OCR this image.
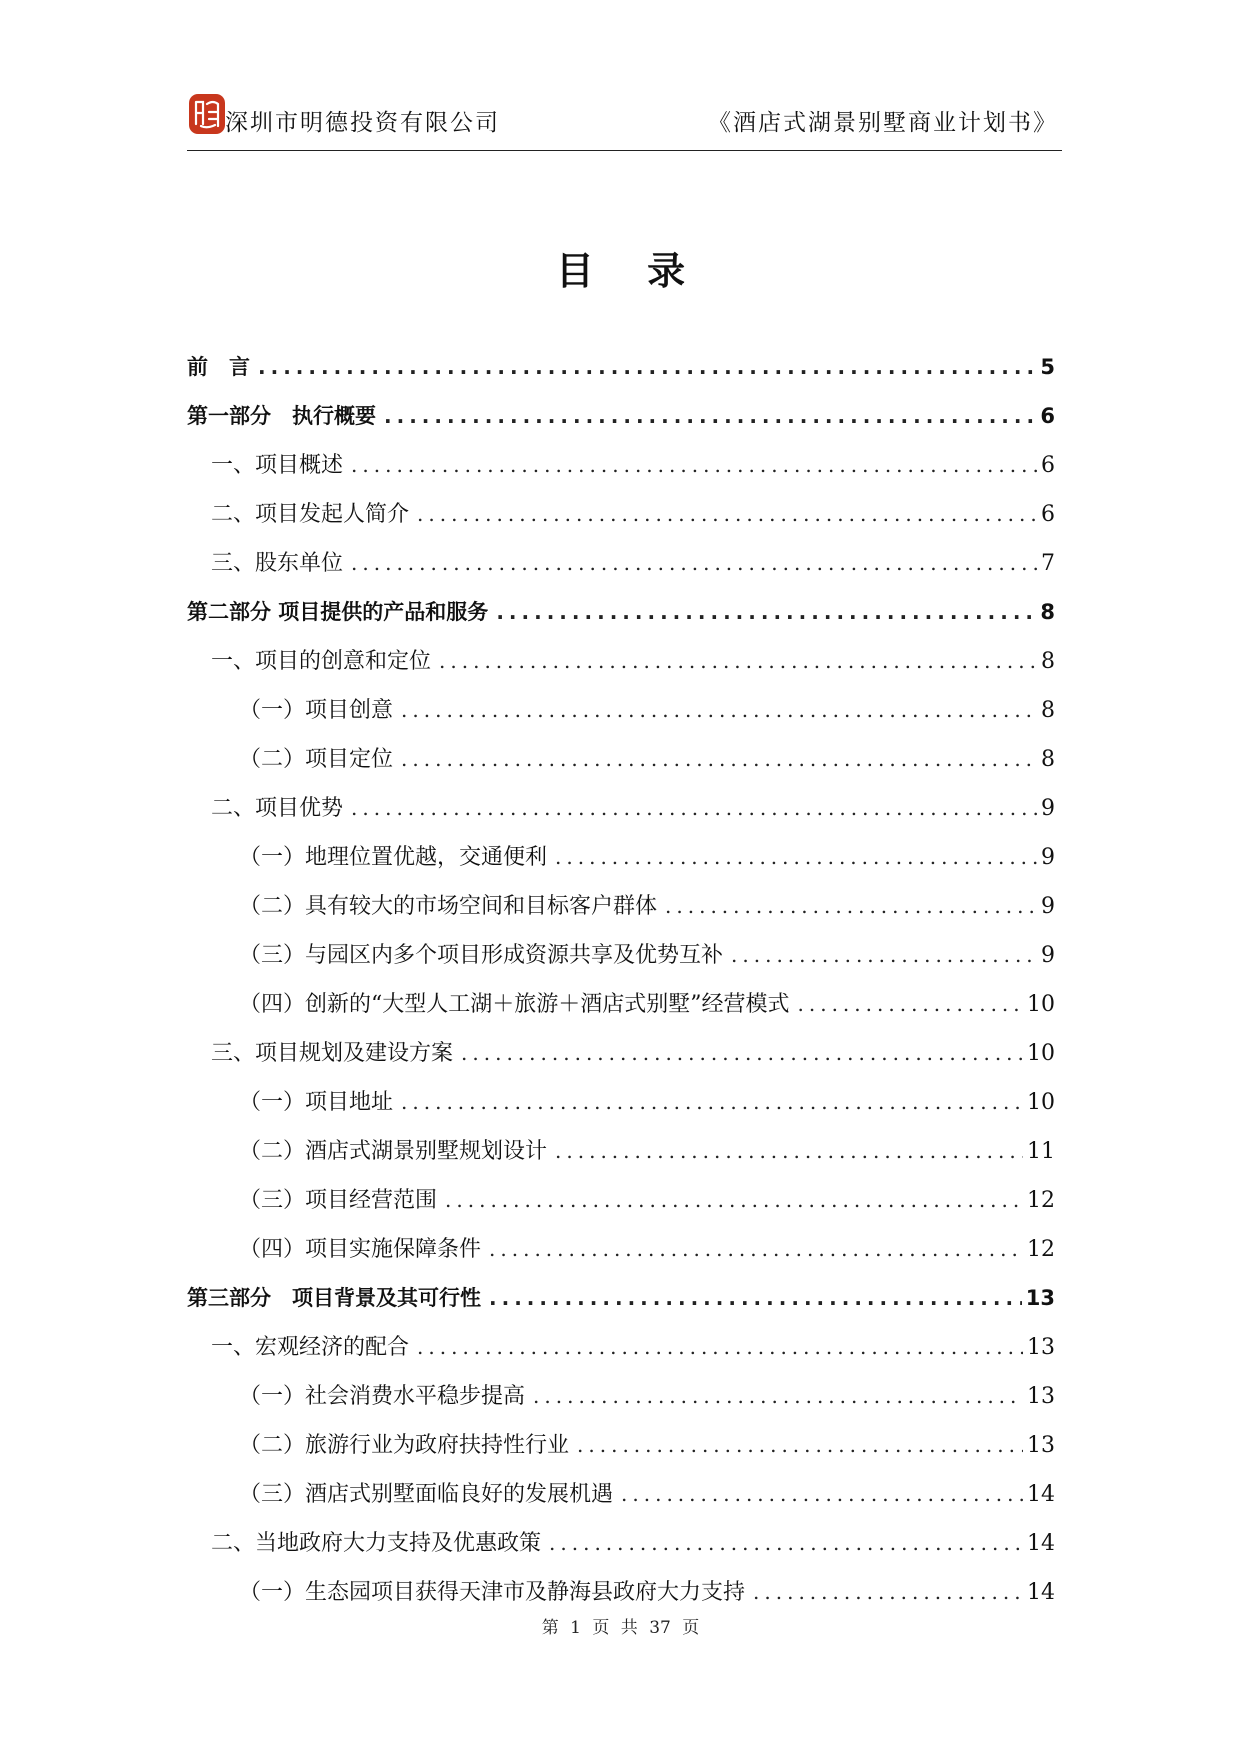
深圳市明德投资有限公司	《酒店式湖景别墅商业计划书》
目 录
前　言 .....	5
第一部分　执行概要 .....	6
一、项目概述 .....	6
二、项目发起人简介 .....	6
三、股东单位 .....	7
第二部分 项目提供的产品和服务 .....	8
一、项目的创意和定位 .....	8
（一）项目创意 .....	8
（二）项目定位 .....	8
二、项目优势 .....	9
（一）地理位置优越，交通便利 .....	9
（二）具有较大的市场空间和目标客户群体 .....	9
（三）与园区内多个项目形成资源共享及优势互补 .....	9
（四）创新的“大型人工湖＋旅游＋酒店式别墅”经营模式 .....	10
三、项目规划及建设方案 .....	10
（一）项目地址 .....	10
（二）酒店式湖景别墅规划设计 .....	11
（三）项目经营范围 .....	12
（四）项目实施保障条件 .....	12
第三部分　项目背景及其可行性 .....	13
一、宏观经济的配合 .....	13
（一）社会消费水平稳步提高 .....	13
（二）旅游行业为政府扶持性行业 .....	13
（三）酒店式别墅面临良好的发展机遇 .....	14
二、当地政府大力支持及优惠政策 .....	14
（一）生态园项目获得天津市及静海县政府大力支持 .....	14
第 1 页 共 37 页
